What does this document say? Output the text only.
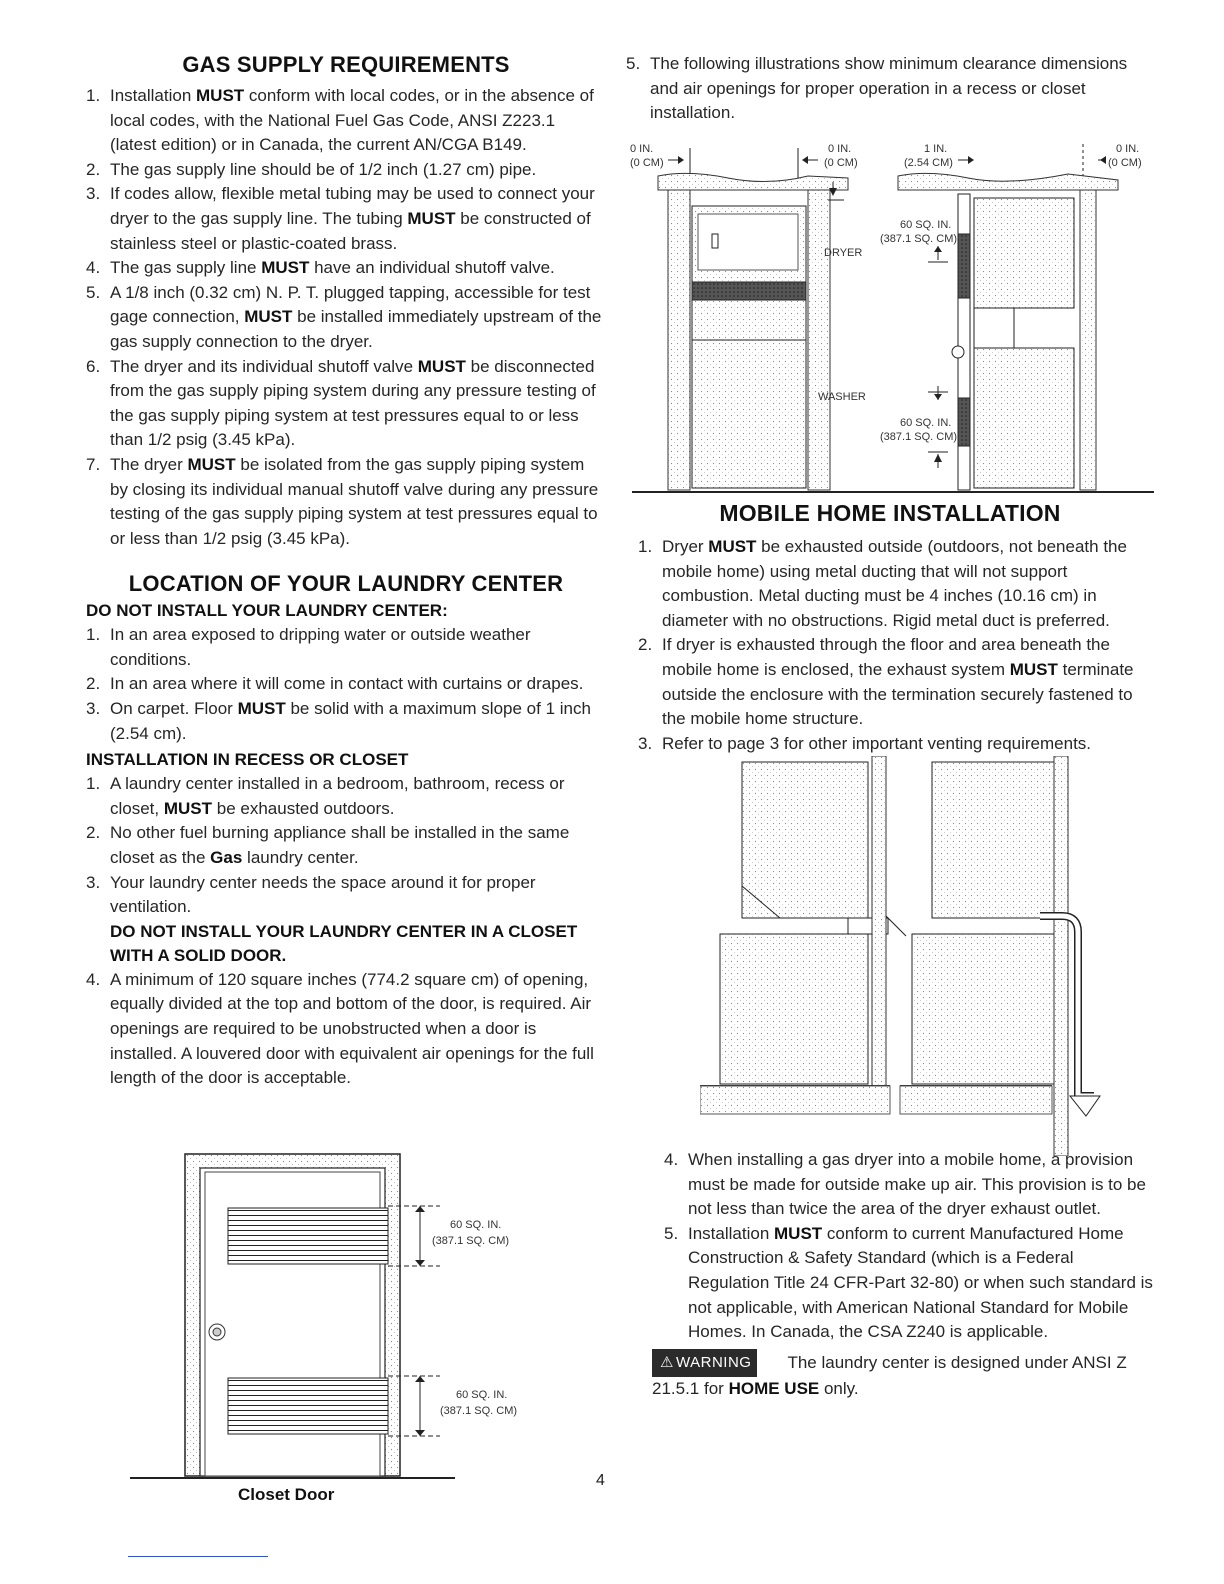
GAS SUPPLY REQUIREMENTS
1. Installation MUST conform with local codes, or in the absence of local codes, with the National Fuel Gas Code, ANSI Z223.1 (latest edition) or in Canada, the current AN/CGA B149.
2. The gas supply line should be of 1/2 inch (1.27 cm) pipe.
3. If codes allow, flexible metal tubing may be used to connect your dryer to the gas supply line. The tubing MUST be constructed of stainless steel or plastic-coated brass.
4. The gas supply line MUST have an individual shutoff valve.
5. A 1/8 inch (0.32 cm) N. P. T. plugged tapping, accessible for test gage connection, MUST be installed immediately upstream of the gas supply connection to the dryer.
6. The dryer and its individual shutoff valve MUST be disconnected from the gas supply piping system during any pressure testing of the gas supply piping system at test pressures equal to or less than 1/2 psig (3.45 kPa).
7. The dryer MUST be isolated from the gas supply piping system by closing its individual manual shutoff valve during any pressure testing of the gas supply piping system at test pressures equal to or less than 1/2 psig (3.45 kPa).
LOCATION OF YOUR LAUNDRY CENTER
DO NOT INSTALL YOUR LAUNDRY CENTER:
1. In an area exposed to dripping water or outside weather conditions.
2. In an area where it will come in contact with curtains or drapes.
3. On carpet. Floor MUST be solid with a maximum slope of 1 inch (2.54 cm).
INSTALLATION IN RECESS OR CLOSET
1. A laundry center installed in a bedroom, bathroom, recess or closet, MUST be exhausted outdoors.
2. No other fuel burning appliance shall be installed in the same closet as the Gas laundry center.
3. Your laundry center needs the space around it for proper ventilation.
DO NOT INSTALL YOUR LAUNDRY CENTER IN A CLOSET WITH A SOLID DOOR.
4. A minimum of 120 square inches (774.2 square cm) of opening, equally divided at the top and bottom of the door, is required. Air openings are required to be unobstructed when a door is installed. A louvered door with equivalent air openings for the full length of the door is acceptable.
60 SQ. IN.
(387.1 SQ. CM)
60 SQ. IN.
(387.1 SQ. CM)
Closet Door
5. The following illustrations show minimum clearance dimensions and air openings for proper operation in a recess or closet installation.
0 IN.
(0 CM)
0 IN.
(0 CM)
1 IN.
(2.54 CM)
0 IN.
(0 CM)
DRYER
WASHER
60 SQ. IN.
(387.1 SQ. CM)
60 SQ. IN.
(387.1 SQ. CM)
MOBILE HOME INSTALLATION
1. Dryer MUST be exhausted outside (outdoors, not beneath the mobile home) using metal ducting that will not support combustion. Metal ducting must be 4 inches (10.16 cm) in diameter with no obstructions. Rigid metal duct is preferred.
2. If dryer is exhausted through the floor and area beneath the mobile home is enclosed, the exhaust system MUST terminate outside the enclosure with the termination securely fastened to the mobile home structure.
3. Refer to page 3 for other important venting requirements.
4. When installing a gas dryer into a mobile home, a provision must be made for outside make up air. This provision is to be not less than twice the area of the dryer exhaust outlet.
5. Installation MUST conform to current Manufactured Home Construction & Safety Standard (which is a Federal Regulation Title 24 CFR-Part 32-80) or when such standard is not applicable, with American National Standard for Mobile Homes. In Canada, the CSA Z240 is applicable.
⚠ WARNING The laundry center is designed under ANSI Z 21.5.1 for HOME USE only.
4
